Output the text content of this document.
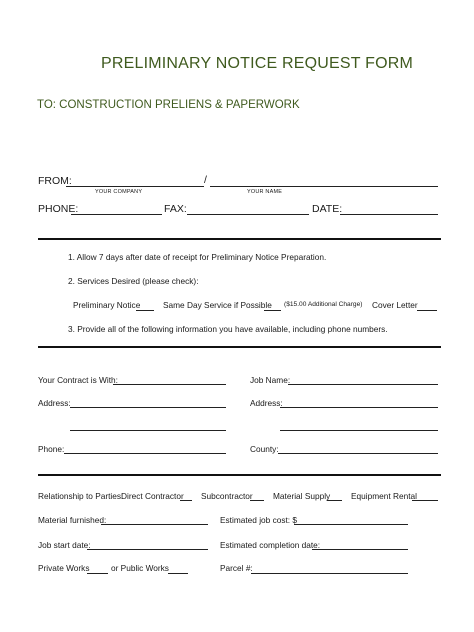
PRELIMINARY NOTICE REQUEST FORM
TO: CONSTRUCTION PRELIENS & PAPERWORK
FROM:	/
YOUR COMPANY	YOUR NAME
PHONE:	FAX:	DATE:
1. Allow 7 days after date of receipt for Preliminary Notice Preparation.
2. Services Desired (please check):
Preliminary Notice	Same Day Service if Possible ($15.00 Additional Charge) Cover Letter
3. Provide all of the following information you have available, including phone numbers.
Your Contract is With:	Job Name:
Address:	Address:
Phone:	County:
Relationship to Parties:
Direct Contractor Subcontractor Material Supply	Equipment Rental
Material furnished:	Estimated job cost: $
Job start date:	Estimated completion date:
Private Works	or Public Works	Parcel #:
